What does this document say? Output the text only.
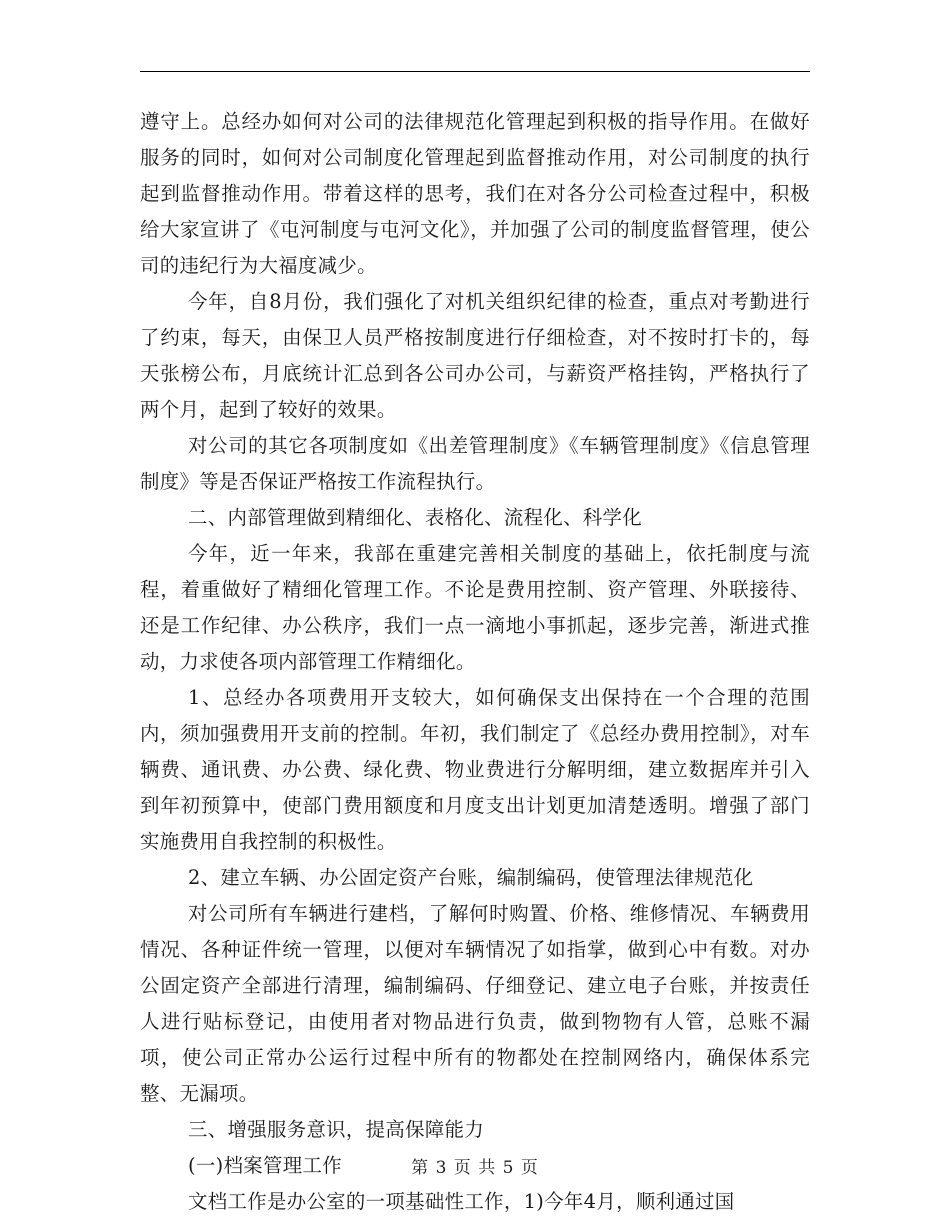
遵守上。总经办如何对公司的法律规范化管理起到积极的指导作用。在做好服务的同时，如何对公司制度化管理起到监督推动作用，对公司制度的执行起到监督推动作用。带着这样的思考，我们在对各分公司检查过程中，积极给大家宣讲了《屯河制度与屯河文化》，并加强了公司的制度监督管理，使公司的违纪行为大福度减少。

今年，自8月份，我们强化了对机关组织纪律的检查，重点对考勤进行了约束，每天，由保卫人员严格按制度进行仔细检查，对不按时打卡的，每天张榜公布，月底统计汇总到各公司办公司，与薪资严格挂钩，严格执行了两个月，起到了较好的效果。

对公司的其它各项制度如《出差管理制度》《车辆管理制度》《信息管理制度》等是否保证严格按工作流程执行。

二、内部管理做到精细化、表格化、流程化、科学化

今年，近一年来，我部在重建完善相关制度的基础上，依托制度与流程，着重做好了精细化管理工作。不论是费用控制、资产管理、外联接待、还是工作纪律、办公秩序，我们一点一滴地小事抓起，逐步完善，渐进式推动，力求使各项内部管理工作精细化。

1、总经办各项费用开支较大，如何确保支出保持在一个合理的范围内，须加强费用开支前的控制。年初，我们制定了《总经办费用控制》，对车辆费、通讯费、办公费、绿化费、物业费进行分解明细，建立数据库并引入到年初预算中，使部门费用额度和月度支出计划更加清楚透明。增强了部门实施费用自我控制的积极性。

2、建立车辆、办公固定资产台账，编制编码，使管理法律规范化

对公司所有车辆进行建档，了解何时购置、价格、维修情况、车辆费用情况、各种证件统一管理，以便对车辆情况了如指掌，做到心中有数。对办公固定资产全部进行清理，编制编码、仔细登记、建立电子台账，并按责任人进行贴标登记，由使用者对物品进行负责，做到物物有人管，总账不漏项，使公司正常办公运行过程中所有的物都处在控制网络内，确保体系完整、无漏项。

三、增强服务意识，提高保障能力

(一)档案管理工作

文档工作是办公室的一项基础性工作，1)今年4月，顺利通过国

第 3 页 共 5 页
